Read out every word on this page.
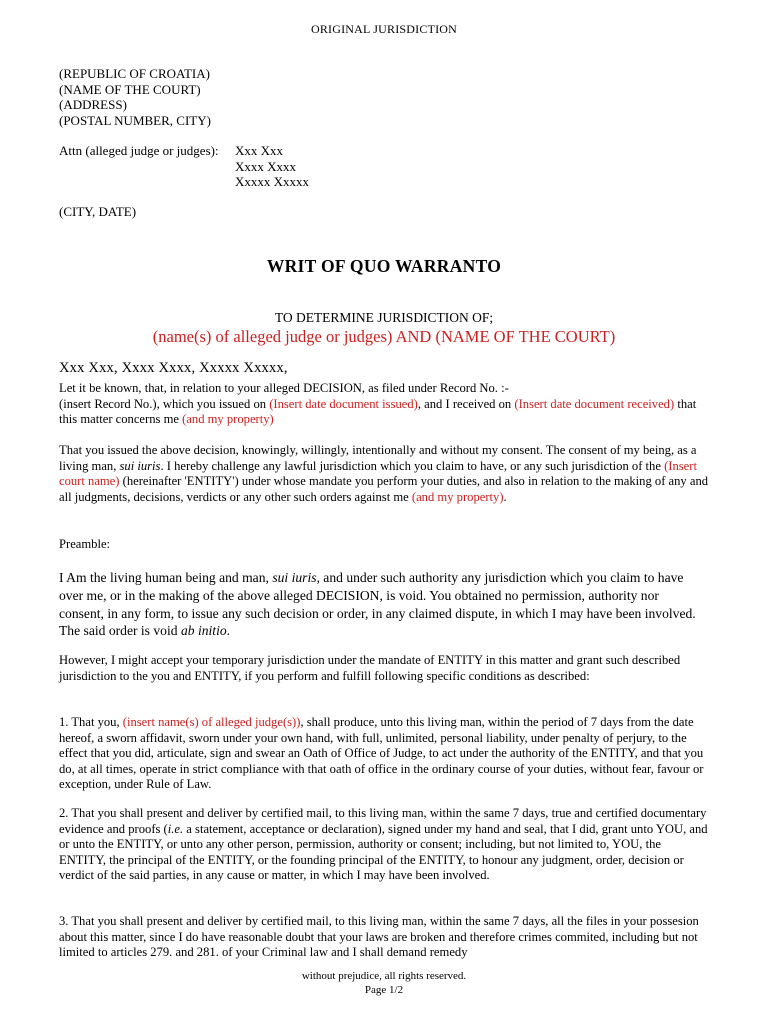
ORIGINAL JURISDICTION
(REPUBLIC OF CROATIA)
(NAME OF THE COURT)
(ADDRESS)
(POSTAL NUMBER, CITY)
Attn (alleged judge or judges):	Xxx Xxx
Xxxx Xxxx
Xxxxx Xxxxx
(CITY, DATE)
WRIT OF QUO WARRANTO
TO DETERMINE JURISDICTION OF;
(name(s) of alleged judge or judges) AND (NAME OF THE COURT)
Xxx Xxx, Xxxx Xxxx, Xxxxx Xxxxx,

Let it be known, that, in relation to your alleged DECISION, as filed under Record No. :-
(insert Record No.), which you issued on (Insert date document issued), and I received on (Insert date document received) that this matter concerns me (and my property)

That you issued the above decision, knowingly, willingly, intentionally and without my consent. The consent of my being, as a living man, sui iuris. I hereby challenge any lawful jurisdiction which you claim to have, or any such jurisdiction of the (Insert court name) (hereinafter 'ENTITY') under whose mandate you perform your duties, and also in relation to the making of any and all judgments, decisions, verdicts or any other such orders against me (and my property).

Preamble:

I Am the living human being and man, sui iuris, and under such authority any jurisdiction which you claim to have over me, or in the making of the above alleged DECISION, is void. You obtained no permission, authority nor consent, in any form, to issue any such decision or order, in any claimed dispute, in which I may have been involved. The said order is void ab initio.

However, I might accept your temporary jurisdiction under the mandate of ENTITY in this matter and grant such described jurisdiction to the you and ENTITY, if you perform and fulfill following specific conditions as described:

1. That you, (insert name(s) of alleged judge(s)), shall produce, unto this living man, within the period of 7 days from the date hereof, a sworn affidavit, sworn under your own hand, with full, unlimited, personal liability, under penalty of perjury, to the effect that you did, articulate, sign and swear an Oath of Office of Judge, to act under the authority of the ENTITY, and that you do, at all times, operate in strict compliance with that oath of office in the ordinary course of your duties, without fear, favour or exception, under Rule of Law.

2. That you shall present and deliver by certified mail, to this living man, within the same 7 days, true and certified documentary evidence and proofs (i.e. a statement, acceptance or declaration), signed under my hand and seal, that I did, grant unto YOU, and or unto the ENTITY, or unto any other person, permission, authority or consent; including, but not limited to, YOU, the ENTITY, the principal of the ENTITY, or the founding principal of the ENTITY, to honour any judgment, order, decision or verdict of the said parties, in any cause or matter, in which I may have been involved.

3. That you shall present and deliver by certified mail, to this living man, within the same 7 days, all the files in your possesion about this matter, since I do have reasonable doubt that your laws are broken and therefore crimes commited, including but not limited to articles 279. and 281. of your Criminal law and I shall demand remedy
without prejudice, all rights reserved.
Page 1/2
